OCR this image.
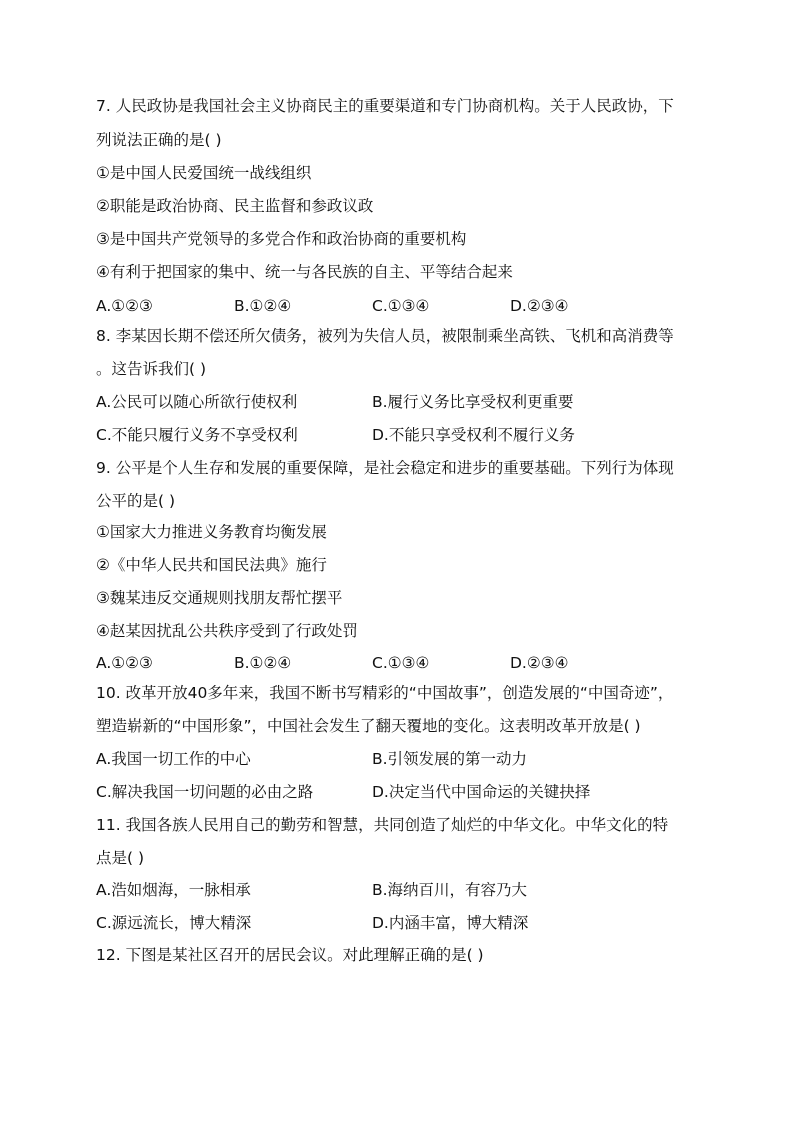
7. 人民政协是我国社会主义协商民主的重要渠道和专门协商机构。关于人民政协，下
列说法正确的是( )
①是中国人民爱国统一战线组织
②职能是政治协商、民主监督和参政议政
③是中国共产党领导的多党合作和政治协商的重要机构
④有利于把国家的集中、统一与各民族的自主、平等结合起来
A.①②③	B.①②④	C.①③④	D.②③④
8. 李某因长期不偿还所欠债务，被列为失信人员，被限制乘坐高铁、飞机和高消费等
。这告诉我们( )
A.公民可以随心所欲行使权利	B.履行义务比享受权利更重要
C.不能只履行义务不享受权利	D.不能只享受权利不履行义务
9. 公平是个人生存和发展的重要保障，是社会稳定和进步的重要基础。下列行为体现
公平的是( )
①国家大力推进义务教育均衡发展
②《中华人民共和国民法典》施行
③魏某违反交通规则找朋友帮忙摆平
④赵某因扰乱公共秩序受到了行政处罚
A.①②③	B.①②④	C.①③④	D.②③④
10. 改革开放40多年来，我国不断书写精彩的“中国故事”，创造发展的“中国奇迹”，
塑造崭新的“中国形象”，中国社会发生了翻天覆地的变化。这表明改革开放是( )
A.我国一切工作的中心	B.引领发展的第一动力
C.解决我国一切问题的必由之路	D.决定当代中国命运的关键抉择
11. 我国各族人民用自己的勤劳和智慧，共同创造了灿烂的中华文化。中华文化的特
点是( )
A.浩如烟海，一脉相承	B.海纳百川，有容乃大
C.源远流长，博大精深	D.内涵丰富，博大精深
12. 下图是某社区召开的居民会议。对此理解正确的是( )
